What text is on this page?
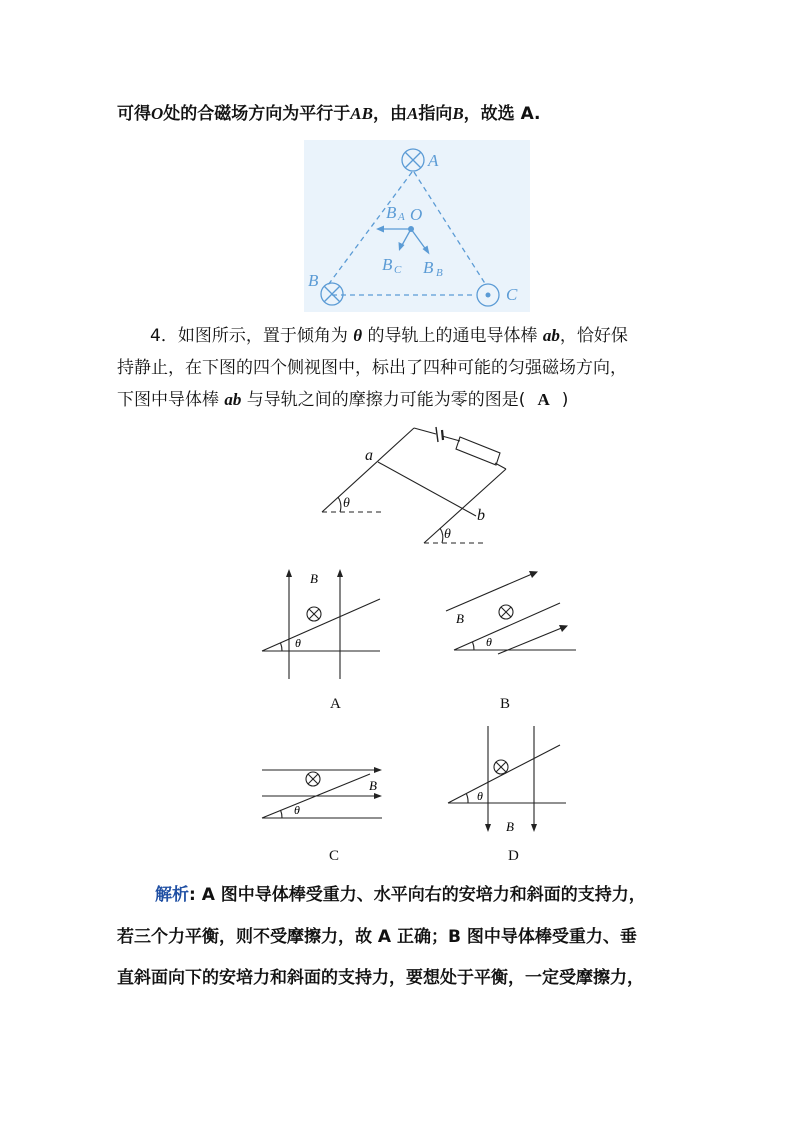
可得O处的合磁场方向为平行于AB，由A指向B，故选 A.
A
B
C
O
B A
B C B B
4．如图所示，置于倾角为 θ 的导轨上的通电导体棒 ab，恰好保
持静止，在下图的四个侧视图中，标出了四种可能的匀强磁场方向，
下图中导体棒 ab 与导轨之间的摩擦力可能为零的图是( A )
a
b
θ
θ
B
θ
A
B
θ
B
B
θ
C
B
θ
D
解析: A 图中导体棒受重力、水平向右的安培力和斜面的支持力，
若三个力平衡，则不受摩擦力，故 A 正确；B 图中导体棒受重力、垂
直斜面向下的安培力和斜面的支持力，要想处于平衡，一定受摩擦力，
